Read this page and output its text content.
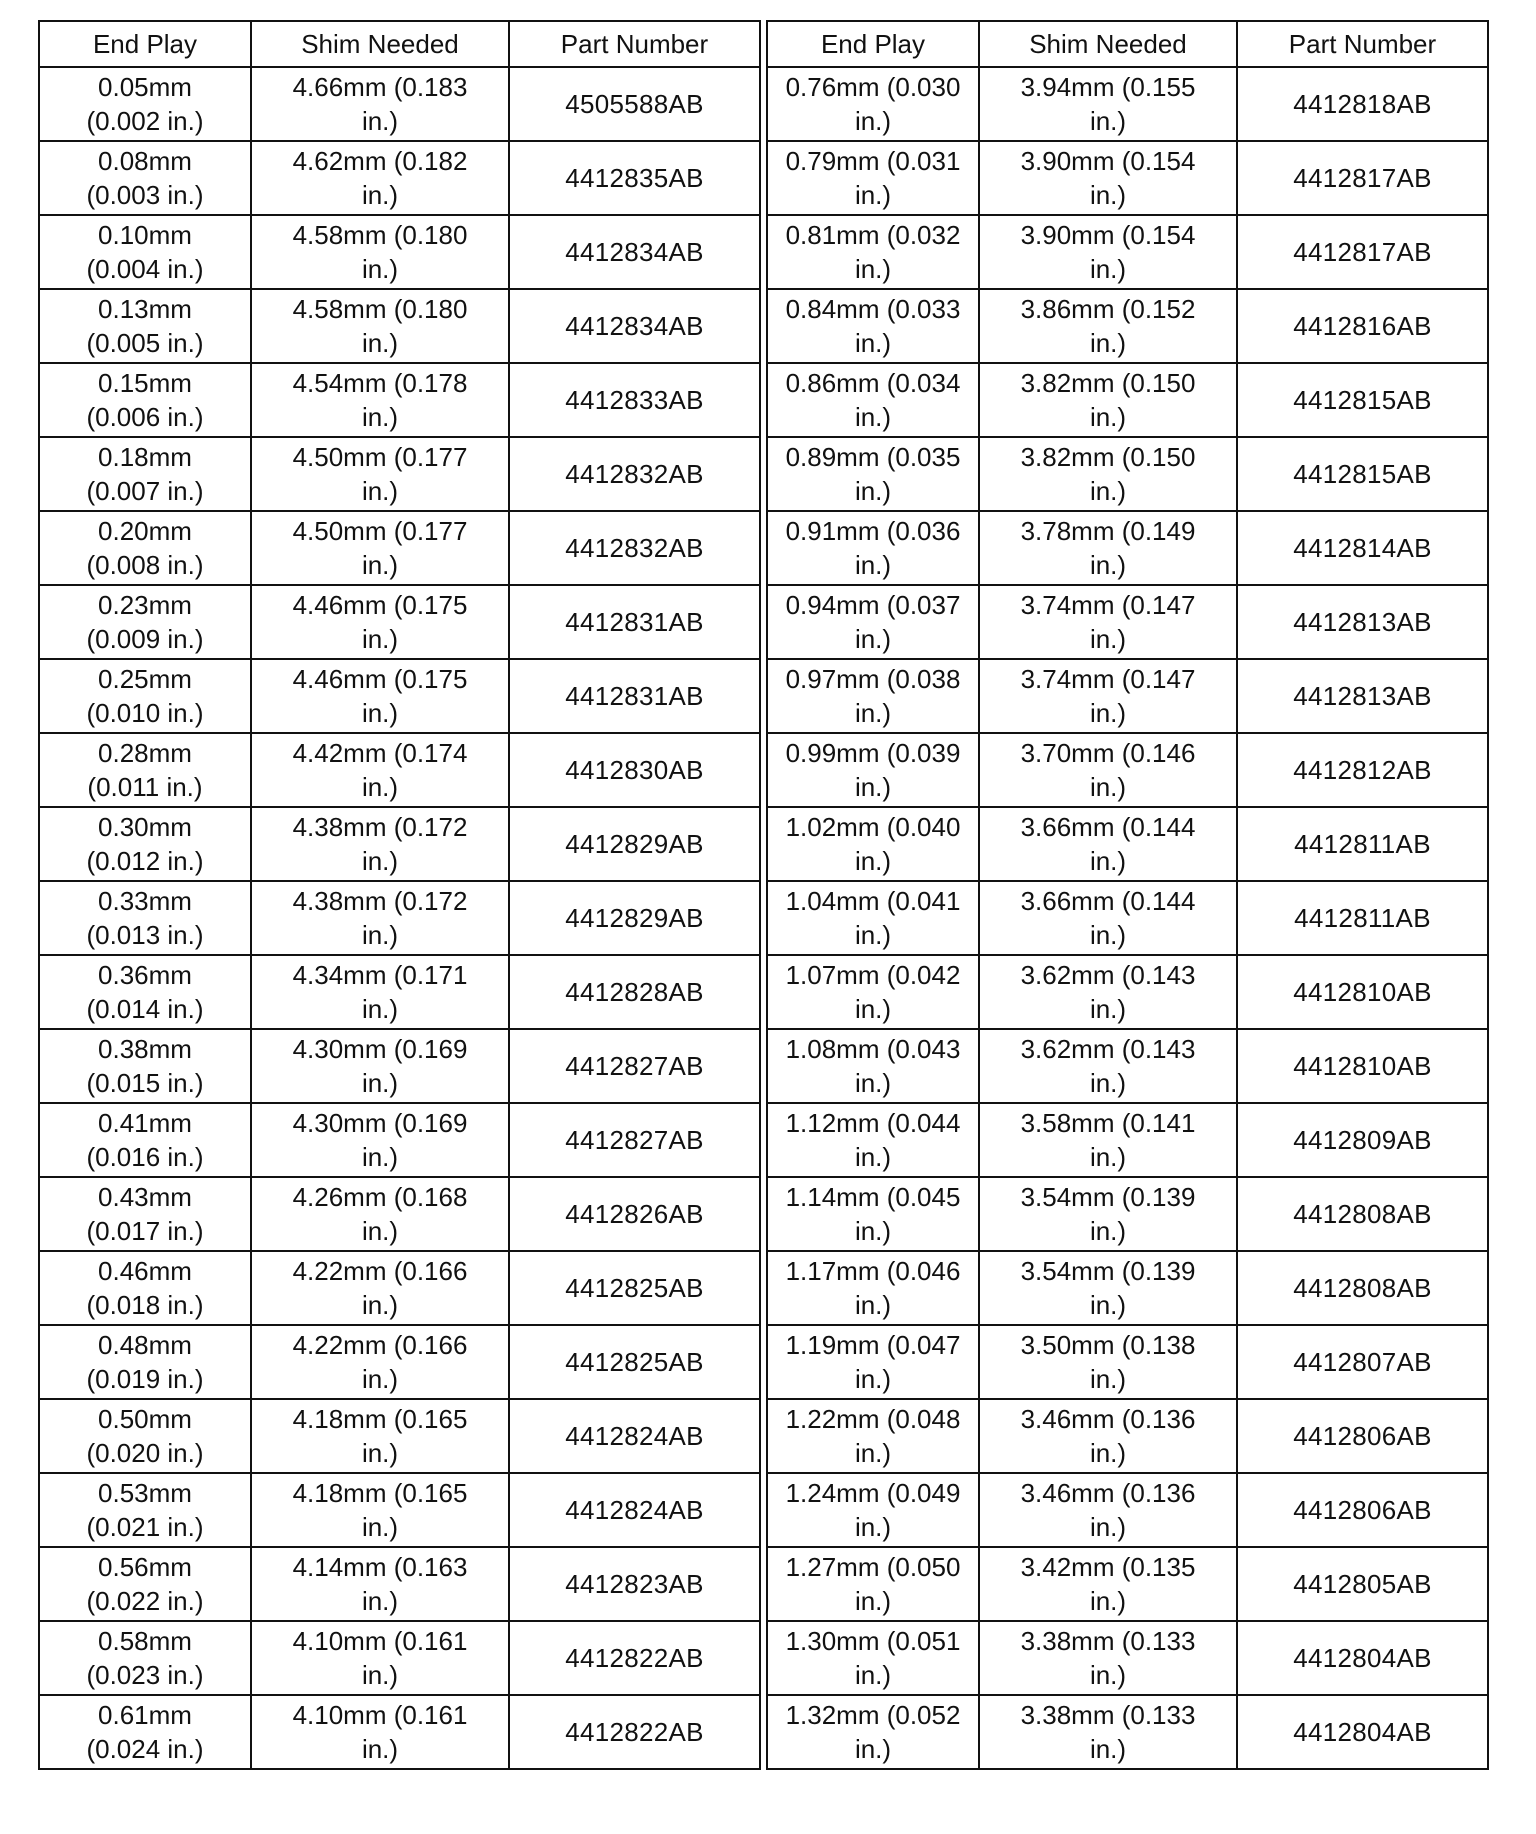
End Play	Shim Needed	Part Number

0.05mm
(0.002 in.)	4.66mm (0.183
in.)	4505588AB

0.08mm
(0.003 in.)	4.62mm (0.182
in.)	4412835AB

0.10mm
(0.004 in.)	4.58mm (0.180
in.)	4412834AB

0.13mm
(0.005 in.)	4.58mm (0.180
in.)	4412834AB

0.15mm
(0.006 in.)	4.54mm (0.178
in.)	4412833AB

0.18mm
(0.007 in.)	4.50mm (0.177
in.)	4412832AB

0.20mm
(0.008 in.)	4.50mm (0.177
in.)	4412832AB

0.23mm
(0.009 in.)	4.46mm (0.175
in.)	4412831AB

0.25mm
(0.010 in.)	4.46mm (0.175
in.)	4412831AB

0.28mm
(0.011 in.)	4.42mm (0.174
in.)	4412830AB

0.30mm
(0.012 in.)	4.38mm (0.172
in.)	4412829AB

0.33mm
(0.013 in.)	4.38mm (0.172
in.)	4412829AB

0.36mm
(0.014 in.)	4.34mm (0.171
in.)	4412828AB

0.38mm
(0.015 in.)	4.30mm (0.169
in.)	4412827AB

0.41mm
(0.016 in.)	4.30mm (0.169
in.)	4412827AB

0.43mm
(0.017 in.)	4.26mm (0.168
in.)	4412826AB

0.46mm
(0.018 in.)	4.22mm (0.166
in.)	4412825AB

0.48mm
(0.019 in.)	4.22mm (0.166
in.)	4412825AB

0.50mm
(0.020 in.)	4.18mm (0.165
in.)	4412824AB

0.53mm
(0.021 in.)	4.18mm (0.165
in.)	4412824AB

0.56mm
(0.022 in.)	4.14mm (0.163
in.)	4412823AB

0.58mm
(0.023 in.)	4.10mm (0.161
in.)	4412822AB

0.61mm
(0.024 in.)	4.10mm (0.161
in.)	4412822AB
End Play	Shim Needed	Part Number

0.76mm (0.030
in.)	3.94mm (0.155
in.)	4412818AB

0.79mm (0.031
in.)	3.90mm (0.154
in.)	4412817AB

0.81mm (0.032
in.)	3.90mm (0.154
in.)	4412817AB

0.84mm (0.033
in.)	3.86mm (0.152
in.)	4412816AB

0.86mm (0.034
in.)	3.82mm (0.150
in.)	4412815AB

0.89mm (0.035
in.)	3.82mm (0.150
in.)	4412815AB

0.91mm (0.036
in.)	3.78mm (0.149
in.)	4412814AB

0.94mm (0.037
in.)	3.74mm (0.147
in.)	4412813AB

0.97mm (0.038
in.)	3.74mm (0.147
in.)	4412813AB

0.99mm (0.039
in.)	3.70mm (0.146
in.)	4412812AB

1.02mm (0.040
in.)	3.66mm (0.144
in.)	4412811AB

1.04mm (0.041
in.)	3.66mm (0.144
in.)	4412811AB

1.07mm (0.042
in.)	3.62mm (0.143
in.)	4412810AB

1.08mm (0.043
in.)	3.62mm (0.143
in.)	4412810AB

1.12mm (0.044
in.)	3.58mm (0.141
in.)	4412809AB

1.14mm (0.045
in.)	3.54mm (0.139
in.)	4412808AB

1.17mm (0.046
in.)	3.54mm (0.139
in.)	4412808AB

1.19mm (0.047
in.)	3.50mm (0.138
in.)	4412807AB

1.22mm (0.048
in.)	3.46mm (0.136
in.)	4412806AB

1.24mm (0.049
in.)	3.46mm (0.136
in.)	4412806AB

1.27mm (0.050
in.)	3.42mm (0.135
in.)	4412805AB

1.30mm (0.051
in.)	3.38mm (0.133
in.)	4412804AB

1.32mm (0.052
in.)	3.38mm (0.133
in.)	4412804AB
